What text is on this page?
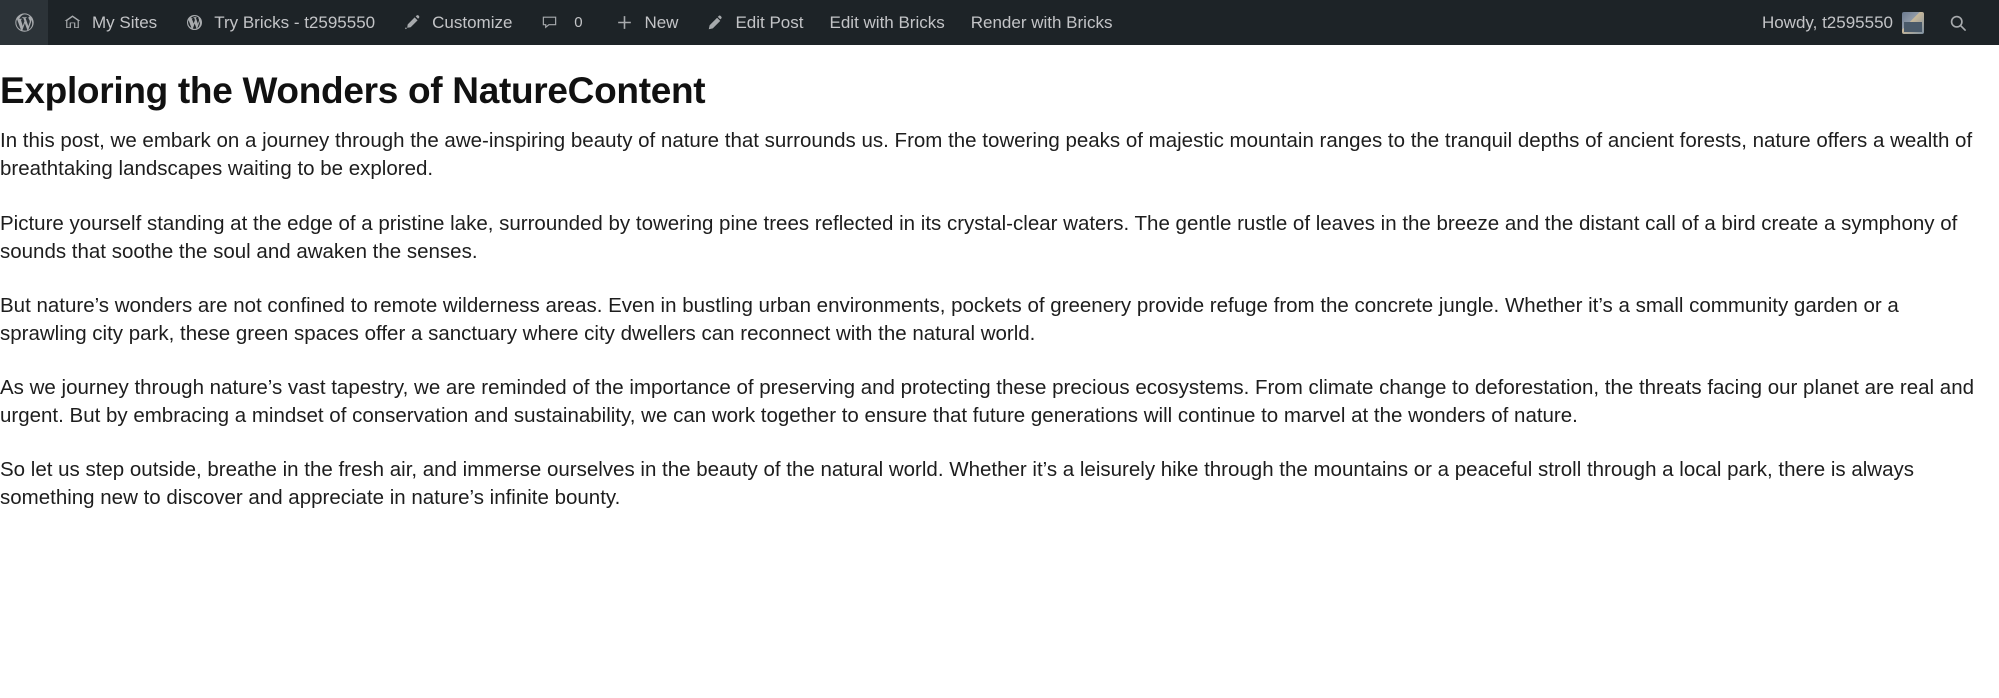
My Sites	Try Bricks - t2595550	Customize	0	New	Edit Post Edit with Bricks Render with Bricks	Howdy, t2595550
Exploring the Wonders of NatureContent

In this post, we embark on a journey through the awe-inspiring beauty of nature that surrounds us. From the towering peaks of majestic mountain ranges to the tranquil depths of ancient forests, nature offers a wealth of breathtaking landscapes waiting to be explored.

Picture yourself standing at the edge of a pristine lake, surrounded by towering pine trees reflected in its crystal-clear waters. The gentle rustle of leaves in the breeze and the distant call of a bird create a symphony of sounds that soothe the soul and awaken the senses.

But nature’s wonders are not confined to remote wilderness areas. Even in bustling urban environments, pockets of greenery provide refuge from the concrete jungle. Whether it’s a small community garden or a sprawling city park, these green spaces offer a sanctuary where city dwellers can reconnect with the natural world.

As we journey through nature’s vast tapestry, we are reminded of the importance of preserving and protecting these precious ecosystems. From climate change to deforestation, the threats facing our planet are real and urgent. But by embracing a mindset of conservation and sustainability, we can work together to ensure that future generations will continue to marvel at the wonders of nature.

So let us step outside, breathe in the fresh air, and immerse ourselves in the beauty of the natural world. Whether it’s a leisurely hike through the mountains or a peaceful stroll through a local park, there is always something new to discover and appreciate in nature’s infinite bounty.
